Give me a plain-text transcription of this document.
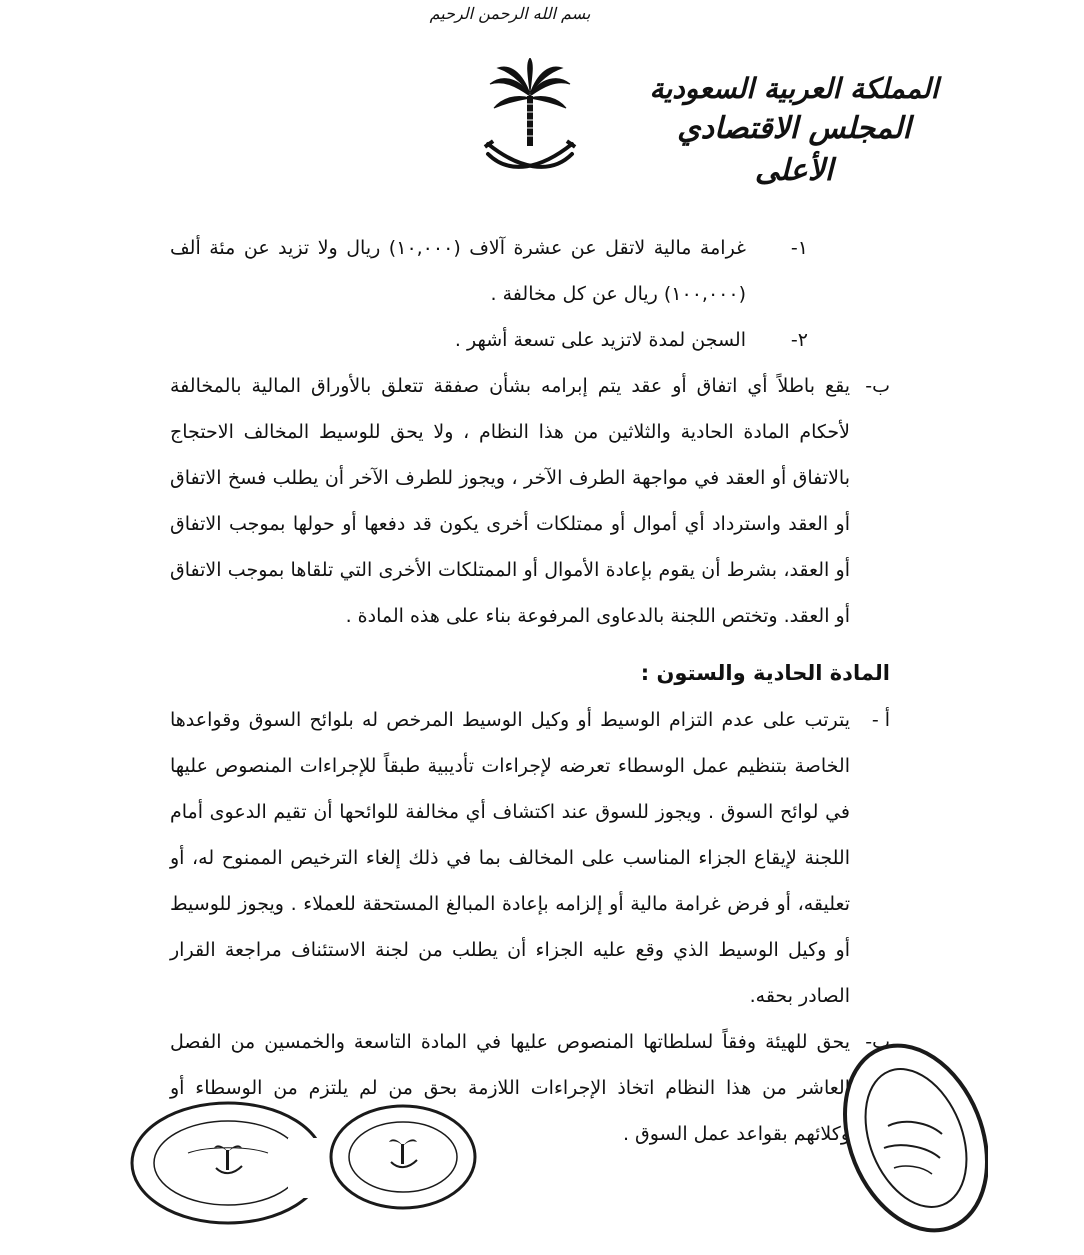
بسم الله الرحمن الرحيم
المملكة العربية السعودية
المجلس الاقتصادي الأعلى
١-
غرامة مالية لاتقل عن عشرة آلاف (١٠,٠٠٠) ريال ولا تزيد عن مئة ألف (١٠٠,٠٠٠) ريال عن كل مخالفة .
٢-
السجن لمدة لاتزيد على تسعة أشهر .
ب-
يقع باطلاً أي اتفاق أو عقد يتم إبرامه بشأن صفقة تتعلق بالأوراق المالية بالمخالفة لأحكام المادة الحادية والثلاثين من هذا النظام ، ولا يحق للوسيط المخالف الاحتجاج بالاتفاق أو العقد في مواجهة الطرف الآخر ، ويجوز للطرف الآخر أن يطلب فسخ الاتفاق أو العقد واسترداد أي أموال أو ممتلكات أخرى يكون قد دفعها أو حولها بموجب الاتفاق أو العقد، بشرط أن يقوم بإعادة الأموال أو الممتلكات الأخرى التي تلقاها بموجب الاتفاق أو العقد. وتختص اللجنة بالدعاوى المرفوعة بناء على هذه المادة .
المادة الحادية والستون :
أ -
يترتب على عدم التزام الوسيط أو وكيل الوسيط المرخص له بلوائح السوق وقواعدها الخاصة بتنظيم عمل الوسطاء تعرضه لإجراءات تأديبية طبقاً للإجراءات المنصوص عليها في لوائح السوق . ويجوز للسوق عند اكتشاف أي مخالفة للوائحها أن تقيم الدعوى أمام اللجنة لإيقاع الجزاء المناسب على المخالف بما في ذلك إلغاء الترخيص الممنوح له، أو تعليقه، أو فرض غرامة مالية أو إلزامه بإعادة المبالغ المستحقة للعملاء . ويجوز للوسيط أو وكيل الوسيط الذي وقع عليه الجزاء أن يطلب من لجنة الاستئناف مراجعة القرار الصادر بحقه.
ب-
يحق للهيئة وفقاً لسلطاتها المنصوص عليها في المادة التاسعة والخمسين من الفصل العاشر من هذا النظام اتخاذ الإجراءات اللازمة بحق من لم يلتزم من الوسطاء أو وكلائهم بقواعد عمل السوق .
